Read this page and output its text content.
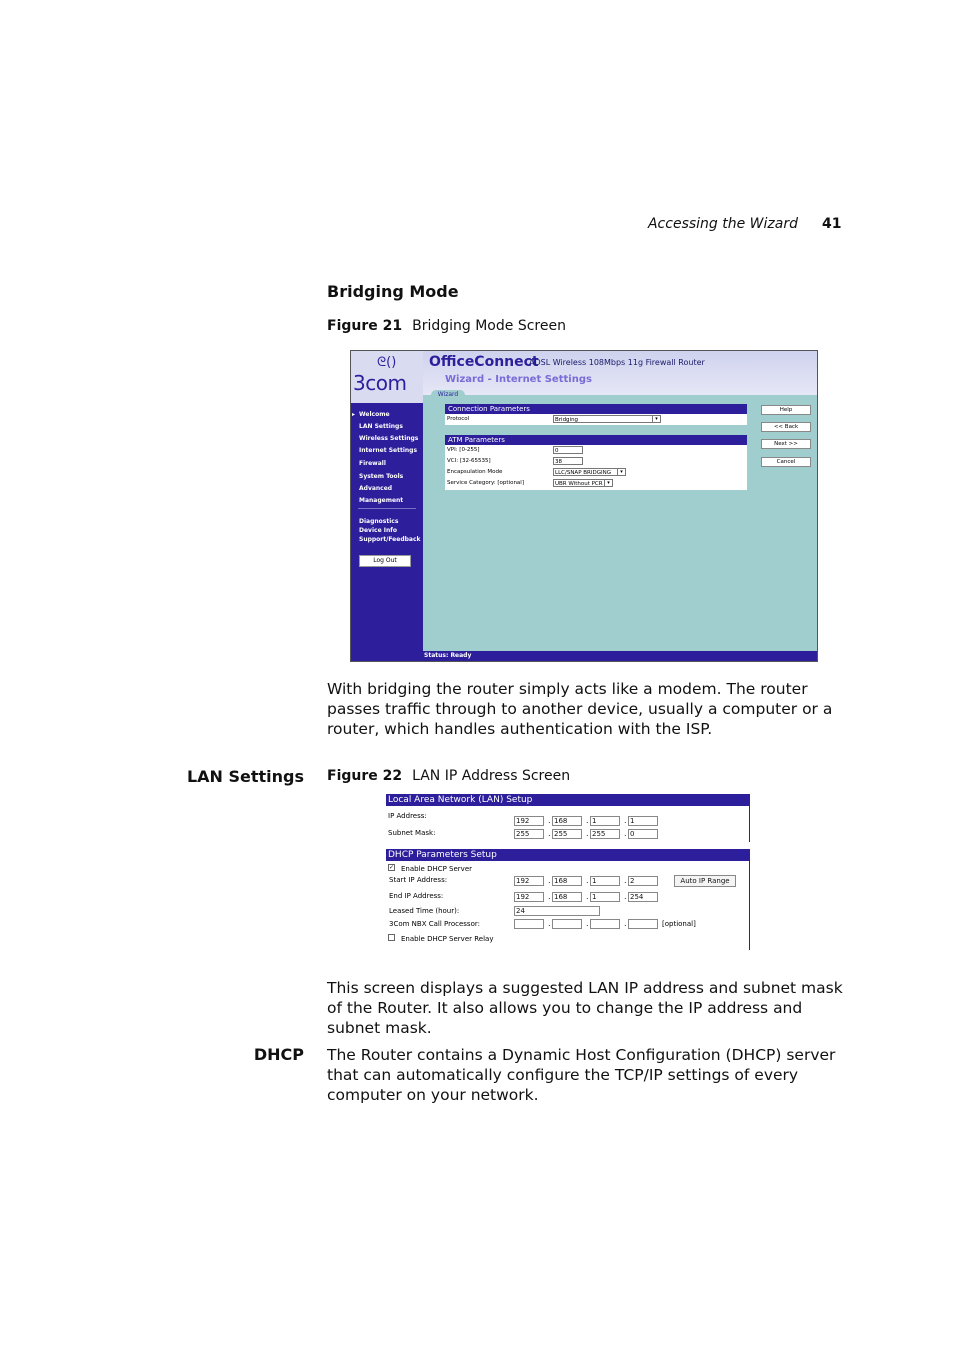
Accessing the Wizard 41
Bridging Mode
Figure 21 Bridging Mode Screen
ᘓ()
3com
▸ Welcome
LAN Settings
Wireless Settings
Internet Settings
Firewall
System Tools
Advanced
Management
Diagnostics
Device Info
Support/Feedback
Log Out
OfficeConnect
ADSL Wireless 108Mbps 11g Firewall Router
Wizard - Internet Settings
Wizard
Connection Parameters
Protocol	Bridging	▾
ATM Parameters
VPI: [0-255]	0
VCI: [32-65535]	38
Encapsulation Mode	LLC/SNAP BRIDGING	▾
Service Category: [optional]	UBR Without PCR ▾
Help
<< Back
Next >>
Cancel
Status: Ready
With bridging the router simply acts like a modem. The router passes traffic through to another device, usually a computer or a router, which handles authentication with the ISP.
LAN Settings Figure 22 LAN IP Address Screen
Local Area Network (LAN) Setup
IP Address:
192	. 168	. 1	. 1
Subnet Mask:	255	. 255	. 255	. 0
DHCP Parameters Setup
✓ Enable DHCP Server
Start IP Address:	192	. 168	. 1	. 2	Auto IP Range
End IP Address:	192	. 168	. 1	. 254
Leased Time (hour):	24
3Com NBX Call Processor:	.	.	.	[optional]
Enable DHCP Server Relay
This screen displays a suggested LAN IP address and subnet mask of the Router. It also allows you to change the IP address and subnet mask.
DHCP The Router contains a Dynamic Host Configuration (DHCP) server that can automatically configure the TCP/IP settings of every computer on your network.
